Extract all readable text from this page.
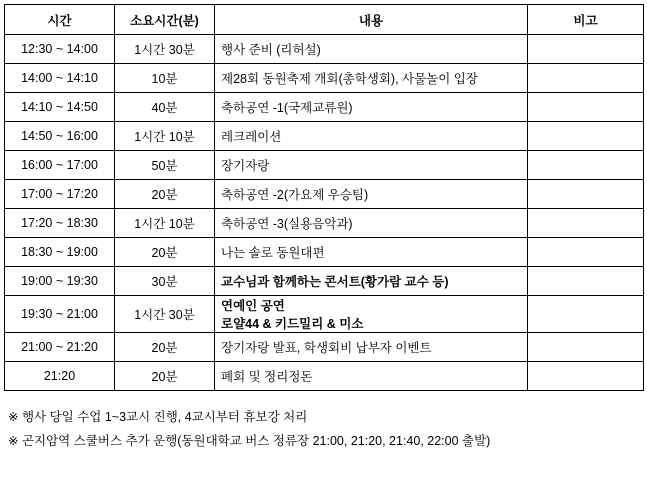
시간	소요시간(분)	내용	비고
12:30 ~ 14:00	1시간 30분	행사 준비 (리허설)	
14:00 ~ 14:10	10분	제28회 동원축제 개회(총학생회), 사물놀이 입장	
14:10 ~ 14:50	40분	축하공연 -1(국제교류원)	
14:50 ~ 16:00	1시간 10분	레크레이션	
16:00 ~ 17:00	50분	장기자랑	
17:00 ~ 17:20	20분	축하공연 -2(가요제 우승팀)	
17:20 ~ 18:30	1시간 10분	축하공연 -3(실용음악과)	
18:30 ~ 19:00	20분	나는 솔로 동원대편	
19:00 ~ 19:30	30분	교수님과 함께하는 콘서트(황가람 교수 등)	
19:30 ~ 21:00	1시간 30분	연예인 공연
로얄44 & 키드밀리 & 미소	

21:00 ~ 21:20	20분	장기자랑 발표, 학생회비 납부자 이벤트	
21:20	20분	폐회 및 정리정돈	
※ 행사 당일 수업 1~3교시 진행, 4교시부터 휴보강 처리
※ 곤지암역 스쿨버스 추가 운행(동원대학교 버스 정류장 21:00, 21:20, 21:40, 22:00 출발)
